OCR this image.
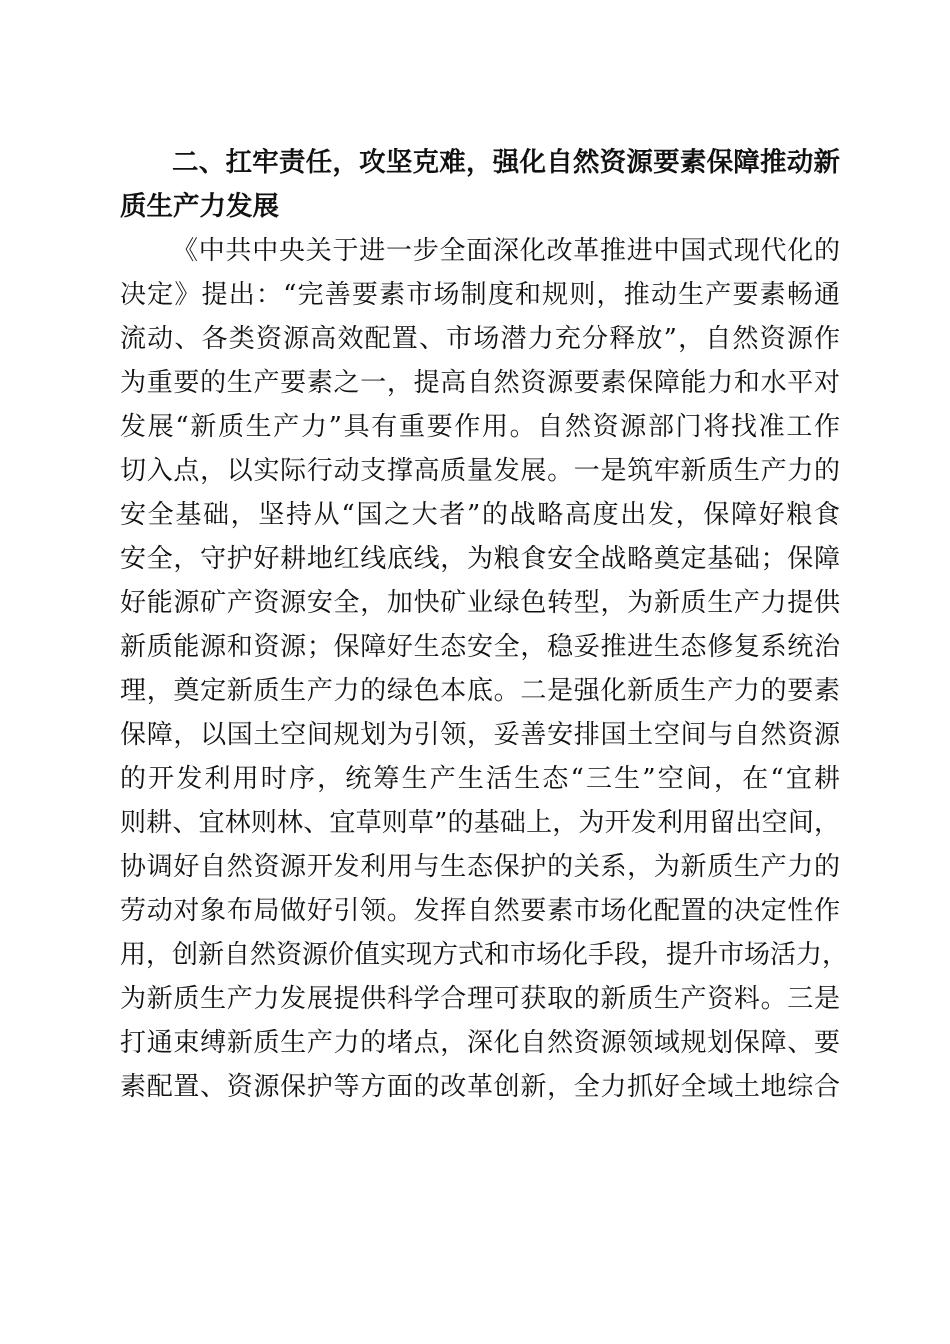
二、扛牢责任，攻坚克难，强化自然资源要素保障推动新
质生产力发展
《中共中央关于进一步全面深化改革推进中国式现代化的
决定》提出：“完善要素市场制度和规则，推动生产要素畅通
流动、各类资源高效配置、市场潜力充分释放”，自然资源作
为重要的生产要素之一，提高自然资源要素保障能力和水平对
发展“新质生产力”具有重要作用。自然资源部门将找准工作
切入点，以实际行动支撑高质量发展。一是筑牢新质生产力的
安全基础，坚持从“国之大者”的战略高度出发，保障好粮食
安全，守护好耕地红线底线，为粮食安全战略奠定基础；保障
好能源矿产资源安全，加快矿业绿色转型，为新质生产力提供
新质能源和资源；保障好生态安全，稳妥推进生态修复系统治
理，奠定新质生产力的绿色本底。二是强化新质生产力的要素
保障，以国土空间规划为引领，妥善安排国土空间与自然资源
的开发利用时序，统筹生产生活生态“三生”空间，在“宜耕
则耕、宜林则林、宜草则草”的基础上，为开发利用留出空间，
协调好自然资源开发利用与生态保护的关系，为新质生产力的
劳动对象布局做好引领。发挥自然要素市场化配置的决定性作
用，创新自然资源价值实现方式和市场化手段，提升市场活力，
为新质生产力发展提供科学合理可获取的新质生产资料。三是
打通束缚新质生产力的堵点，深化自然资源领域规划保障、要
素配置、资源保护等方面的改革创新，全力抓好全域土地综合
